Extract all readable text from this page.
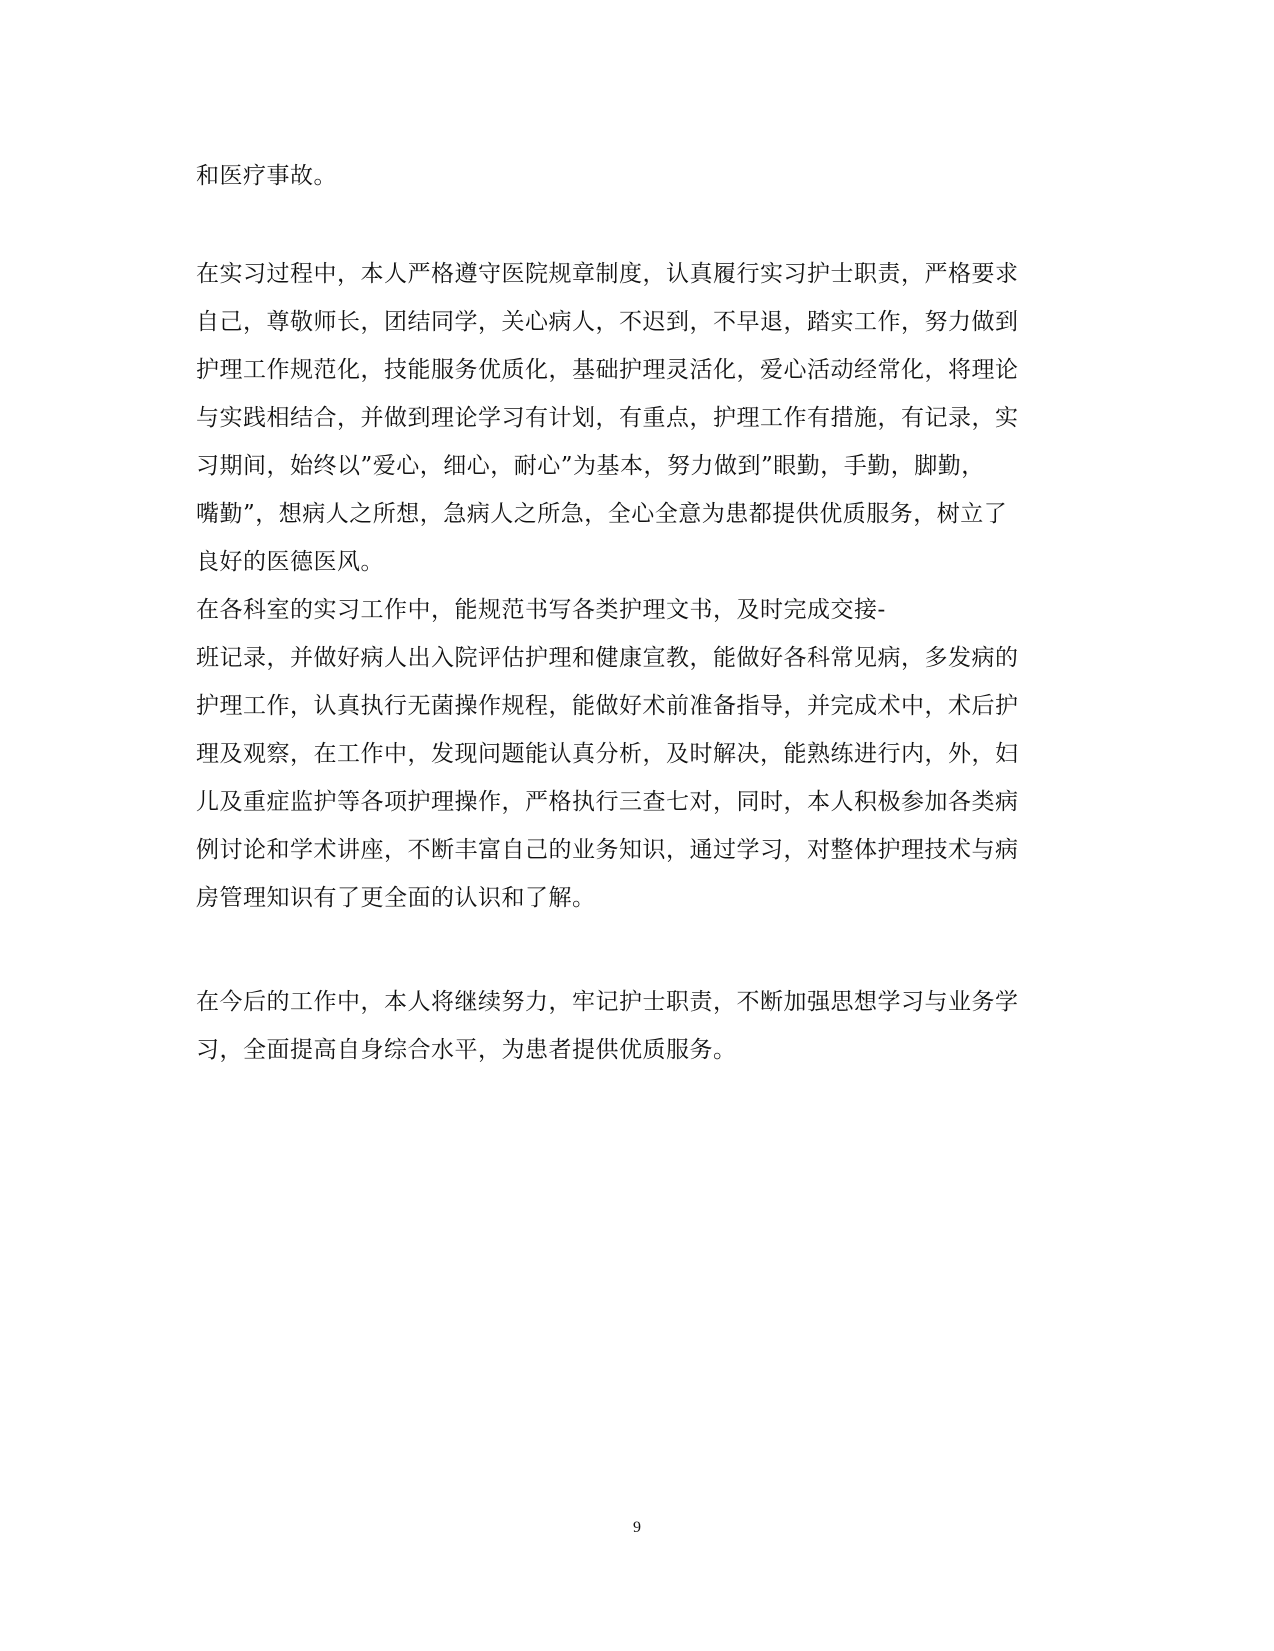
和医疗事故。
在实习过程中，本人严格遵守医院规章制度，认真履行实习护士职责，严格要求
自己，尊敬师长，团结同学，关心病人，不迟到，不早退，踏实工作，努力做到
护理工作规范化，技能服务优质化，基础护理灵活化，爱心活动经常化，将理论
与实践相结合，并做到理论学习有计划，有重点，护理工作有措施，有记录，实
习期间，始终以”爱心，细心，耐心”为基本，努力做到”眼勤，手勤，脚勤，
嘴勤”，想病人之所想，急病人之所急，全心全意为患都提供优质服务，树立了
良好的医德医风。
在各科室的实习工作中，能规范书写各类护理文书，及时完成交接-
班记录，并做好病人出入院评估护理和健康宣教，能做好各科常见病，多发病的
护理工作，认真执行无菌操作规程，能做好术前准备指导，并完成术中，术后护
理及观察，在工作中，发现问题能认真分析，及时解决，能熟练进行内，外，妇
儿及重症监护等各项护理操作，严格执行三查七对，同时，本人积极参加各类病
例讨论和学术讲座，不断丰富自己的业务知识，通过学习，对整体护理技术与病
房管理知识有了更全面的认识和了解。
在今后的工作中，本人将继续努力，牢记护士职责，不断加强思想学习与业务学
习，全面提高自身综合水平，为患者提供优质服务。
9
